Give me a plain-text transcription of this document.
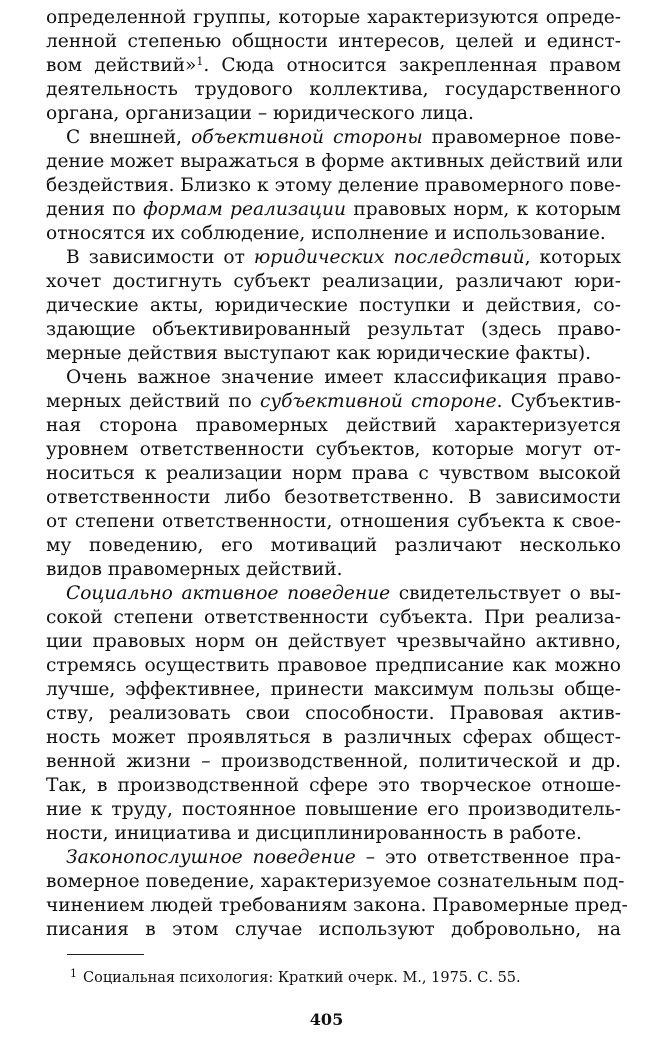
определенной группы, которые характеризуются опреде-
ленной степенью общности интересов, целей и единст-
вом действий»$^1$. Сюда относится закрепленная правом
деятельность трудового коллектива, государственного
органа, организации – юридического лица.
С внешней, объективной стороны правомерное пове-
дение может выражаться в форме активных действий или
бездействия. Близко к этому деление правомерного пове-
дения по формам реализации правовых норм, к которым
относятся их соблюдение, исполнение и использование.
В зависимости от юридических последствий, которых
хочет достигнуть субъект реализации, различают юри-
дические акты, юридические поступки и действия, со-
здающие объективированный результат (здесь право-
мерные действия выступают как юридические факты).
Очень важное значение имеет классификация право-
мерных действий по субъективной стороне. Субъектив-
ная сторона правомерных действий характеризуется
уровнем ответственности субъектов, которые могут от-
носиться к реализации норм права с чувством высокой
ответственности либо безответственно. В зависимости
от степени ответственности, отношения субъекта к свое-
му поведению, его мотиваций различают несколько
видов правомерных действий.
Социально активное поведение свидетельствует о вы-
сокой степени ответственности субъекта. При реализа-
ции правовых норм он действует чрезвычайно активно,
стремясь осуществить правовое предписание как можно
лучше, эффективнее, принести максимум пользы обще-
ству, реализовать свои способности. Правовая актив-
ность может проявляться в различных сферах общест-
венной жизни – производственной, политической и др.
Так, в производственной сфере это творческое отноше-
ние к труду, постоянное повышение его производитель-
ности, инициатива и дисциплинированность в работе.
Законопослушное поведение – это ответственное пра-
вомерное поведение, характеризуемое сознательным под-
чинением людей требованиям закона. Правомерные пред-
писания в этом случае используют добровольно, на
$^1$ Социальная психология: Краткий очерк. М., 1975. С. 55.
405
